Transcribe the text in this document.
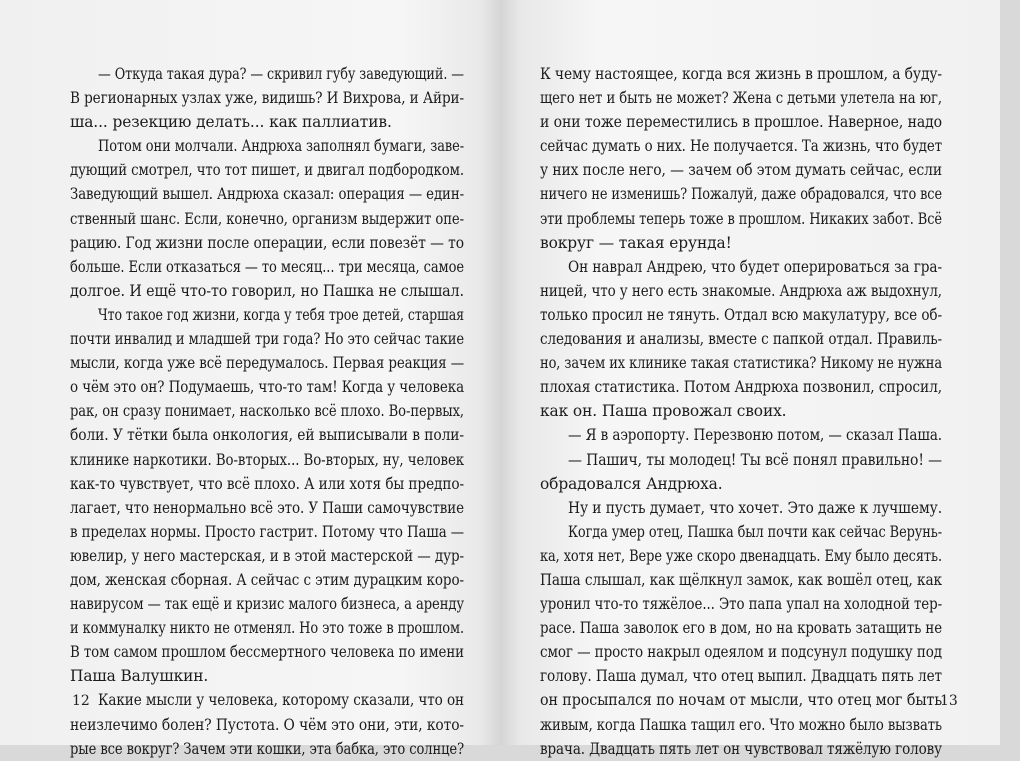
— Откуда такая дура? — скривил губу заведующий. —
В регионарных узлах уже, видишь? И Вихрова, и Айри-
ша... резекцию делать... как паллиатив.
Потом они молчали. Андрюха заполнял бумаги, заве-
дующий смотрел, что тот пишет, и двигал подбородком.
Заведующий вышел. Андрюха сказал: операция — един-
ственный шанс. Если, конечно, организм выдержит опе-
рацию. Год жизни после операции, если повезёт — то
больше. Если отказаться — то месяц... три месяца, самое
долгое. И ещё что-то говорил, но Пашка не слышал.
Что такое год жизни, когда у тебя трое детей, старшая
почти инвалид и младшей три года? Но это сейчас такие
мысли, когда уже всё передумалось. Первая реакция —
о чём это он? Подумаешь, что-то там! Когда у человека
рак, он сразу понимает, насколько всё плохо. Во-первых,
боли. У тётки была онкология, ей выписывали в поли-
клинике наркотики. Во-вторых... Во-вторых, ну, человек
как-то чувствует, что всё плохо. А или хотя бы предпо-
лагает, что ненормально всё это. У Паши самочувствие
в пределах нормы. Просто гастрит. Потому что Паша —
ювелир, у него мастерская, и в этой мастерской — дур-
дом, женская сборная. А сейчас с этим дурацким коро-
навирусом — так ещё и кризис малого бизнеса, а аренду
и коммуналку никто не отменял. Но это тоже в прошлом.
В том самом прошлом бессмертного человека по имени
Паша Валушкин.
Какие мысли у человека, которому сказали, что он
неизлечимо болен? Пустота. О чём это они, эти, кото-
рые все вокруг? Зачем эти кошки, эта бабка, это солнце?
12
К чему настоящее, когда вся жизнь в прошлом, а буду-
щего нет и быть не может? Жена с детьми улетела на юг,
и они тоже переместились в прошлое. Наверное, надо
сейчас думать о них. Не получается. Та жизнь, что будет
у них после него, — зачем об этом думать сейчас, если
ничего не изменишь? Пожалуй, даже обрадовался, что все
эти проблемы теперь тоже в прошлом. Никаких забот. Всё
вокруг — такая ерунда!
Он наврал Андрею, что будет оперироваться за гра-
ницей, что у него есть знакомые. Андрюха аж выдохнул,
только просил не тянуть. Отдал всю макулатуру, все об-
следования и анализы, вместе с папкой отдал. Правиль-
но, зачем их клинике такая статистика? Никому не нужна
плохая статистика. Потом Андрюха позвонил, спросил,
как он. Паша провожал своих.
— Я в аэропорту. Перезвоню потом, — сказал Паша.
— Пашич, ты молодец! Ты всё понял правильно! —
обрадовался Андрюха.
Ну и пусть думает, что хочет. Это даже к лучшему.
Когда умер отец, Пашка был почти как сейчас Верунь-
ка, хотя нет, Вере уже скоро двенадцать. Ему было десять.
Паша слышал, как щёлкнул замок, как вошёл отец, как
уронил что-то тяжёлое... Это папа упал на холодной тер-
расе. Паша заволок его в дом, но на кровать затащить не
смог — просто накрыл одеялом и подсунул подушку под
голову. Паша думал, что отец выпил. Двадцать пять лет
он просыпался по ночам от мысли, что отец мог быть
живым, когда Пашка тащил его. Что можно было вызвать
врача. Двадцать пять лет он чувствовал тяжёлую голову
13
